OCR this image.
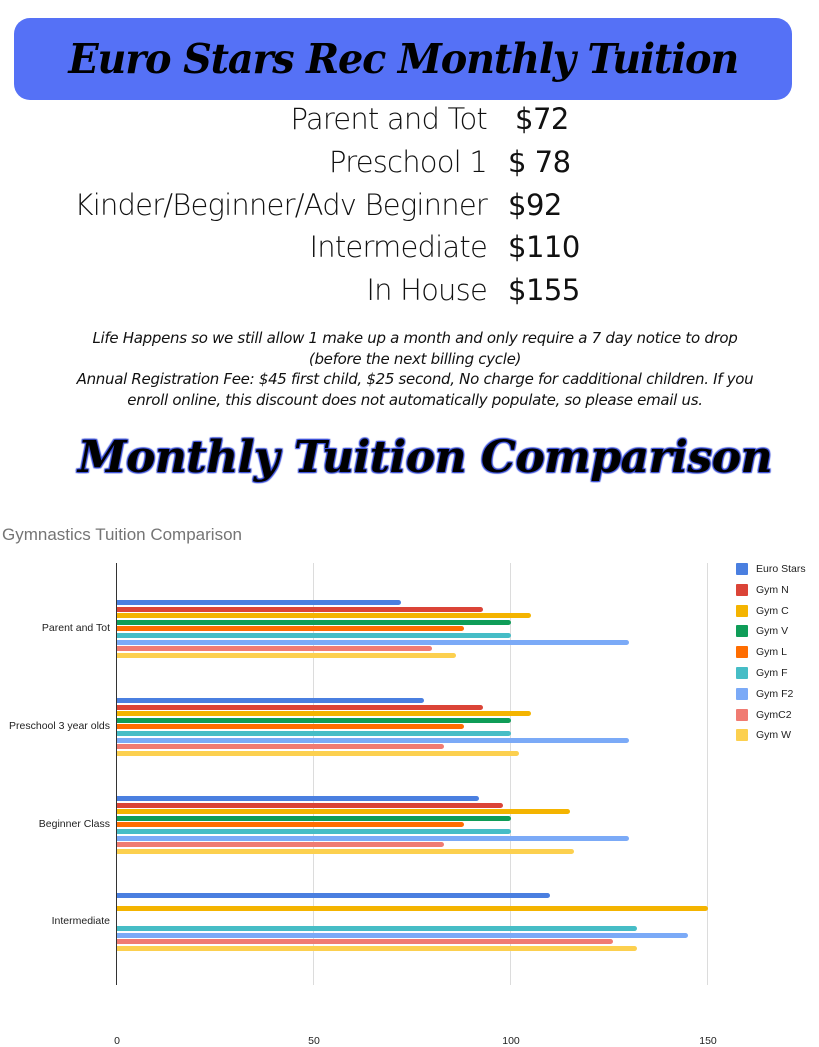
Euro Stars Rec Monthly Tuition
Parent and Tot $72
Preschool 1 $ 78
Kinder/Beginner/Adv Beginner $92
Intermediate $110
In House $155
Life Happens so we still allow 1 make up a month and only require a 7 day notice to drop
(before the next billing cycle)
Annual Registration Fee: $45 first child, $25 second, No charge for cadditional children. If you
enroll online, this discount does not automatically populate, so please email us.
Monthly Tuition Comparison
Gymnastics Tuition Comparison
0	50	100	150
Parent and Tot
Preschool 3 year olds
Beginner Class
Intermediate
Euro Stars
Gym N
Gym C
Gym V
Gym L
Gym F
Gym F2
GymC2
Gym W
